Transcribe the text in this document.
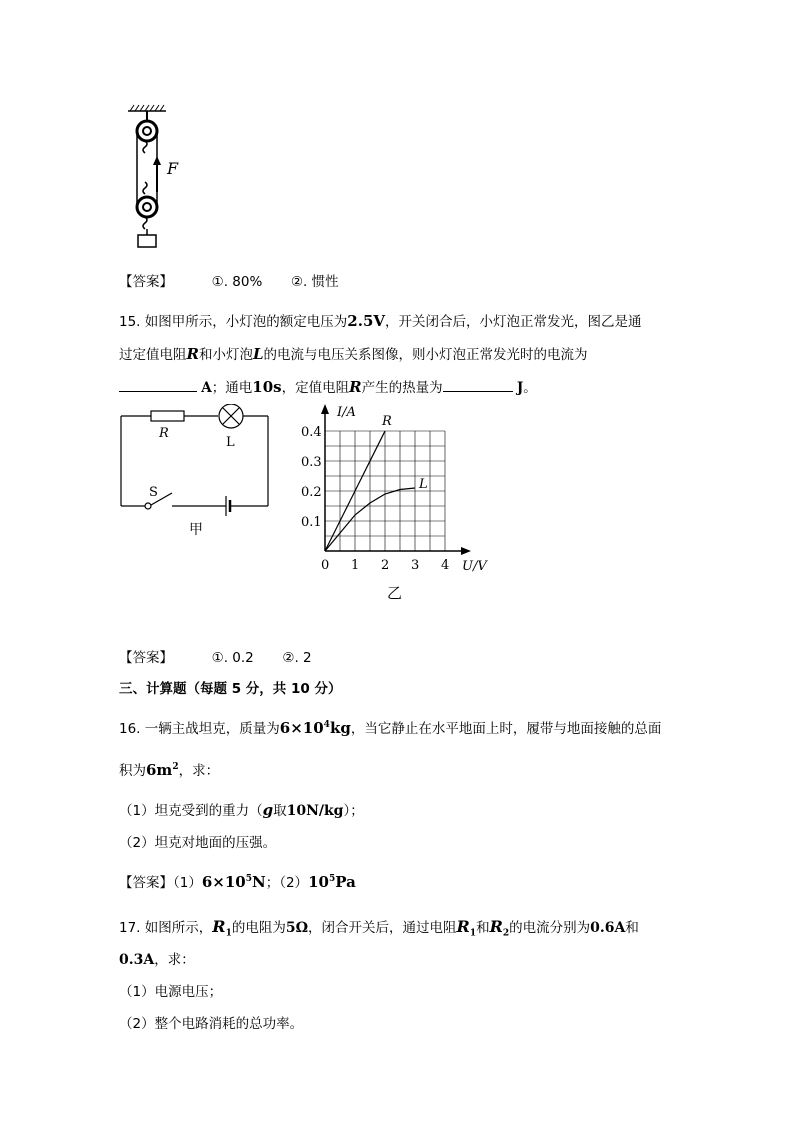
F
【答案】	①. 80% ②. 惯性
15. 如图甲所示，小灯泡的额定电压为2.5V，开关闭合后，小灯泡正常发光，图乙是通
过定值电阻R和小灯泡L的电流与电压关系图像，则小灯泡正常发光时的电流为
A；通电10s，定值电阻R产生的热量为	J。
R
L
S
甲
0 1 2 3 4
0.1
0.2
0.3
0.4
I/A
U/V
R
L
乙
【答案】	①. 0.2 ②. 2
三、计算题（每题 5 分，共 10 分）
16. 一辆主战坦克，质量为$6\times 10^4kg$，当它静止在水平地面上时，履带与地面接触的总面
积为$6m^2$，求：
（1）坦克受到的重力（g取10N/kg）；
（2）坦克对地面的压强。
【答案】$(1)6\times 10^5N$；$(2)10^5Pa$
17. 如图所示，$R_1$的电阻为5Ω，闭合开关后，通过电阻$R_1$和$R_2$的电流分别为0.6A和
0.3A，求：
（1）电源电压；
（2）整个电路消耗的总功率。
